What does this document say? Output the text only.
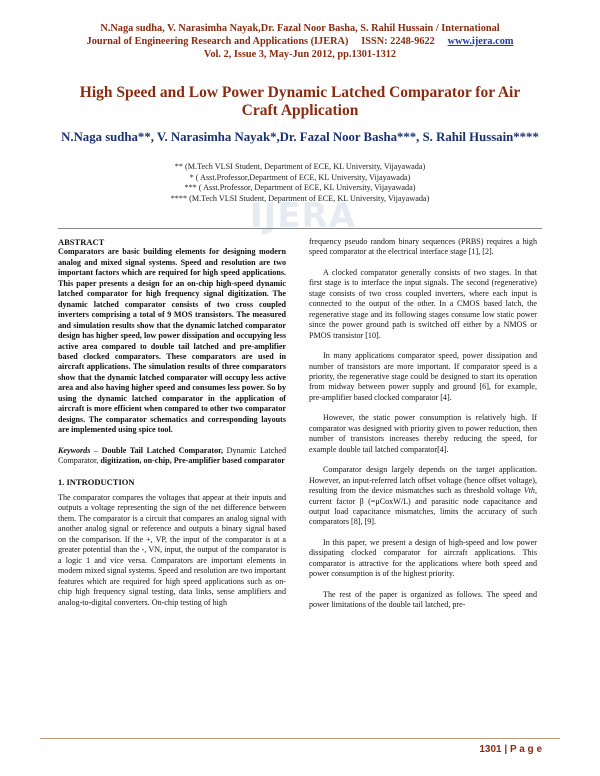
N.Naga sudha, V. Narasimha Nayak,Dr. Fazal Noor Basha, S. Rahil Hussain / International
Journal of Engineering Research and Applications (IJERA) ISSN: 2248-9622 www.ijera.com
Vol. 2, Issue 3, May-Jun 2012, pp.1301-1312
High Speed and Low Power Dynamic Latched Comparator for Air Craft Application
N.Naga sudha**, V. Narasimha Nayak*,Dr. Fazal Noor Basha***, S. Rahil Hussain****
** (M.Tech VLSI Student, Department of ECE, KL University, Vijayawada)
* ( Asst.Professor,Department of ECE, KL University, Vijayawada)
*** ( Asst.Professor, Department of ECE, KL University, Vijayawada)
**** (M.Tech VLSI Student, Department of ECE, KL University, Vijayawada)
IJERA

ABSTRACT

Comparators are basic building elements for designing modern analog and mixed signal systems. Speed and resolution are two important factors which are required for high speed applications. This paper presents a design for an on-chip high-speed dynamic latched comparator for high frequency signal digitization. The dynamic latched comparator consists of two cross coupled inverters comprising a total of 9 MOS transistors. The measured and simulation results show that the dynamic latched comparator design has higher speed, low power dissipation and occupying less active area compared to double tail latched and pre-amplifier based clocked comparators. These comparators are used in aircraft applications. The simulation results of three comparators show that the dynamic latched comparator will occupy less active area and also having higher speed and consumes less power. So by using the dynamic latched comparator in the application of aircraft is more efficient when compared to other two comparator designs. The comparator schematics and corresponding layouts are implemented using spice tool.

Keywords – Double Tail Latched Comparator, Dynamic Latched Comparator, digitization, on-chip, Pre-amplifier based comparator

1. INTRODUCTION

The comparator compares the voltages that appear at their inputs and outputs a voltage representing the sign of the net difference between them. The comparator is a circuit that compares an analog signal with another analog signal or reference and outputs a binary signal based on the comparison. If the +, VP, the input of the comparator is at a greater potential than the -, VN, input, the output of the comparator is a logic 1 and vice versa. Comparators are important elements in modern mixed signal systems. Speed and resolution are two important features which are required for high speed applications such as on-chip high frequency signal testing, data links, sense amplifiers and analog-to-digital converters. On-chip testing of high

frequency pseudo random binary sequences (PRBS) requires a high speed comparator at the electrical interface stage [1], [2].

A clocked comparator generally consists of two stages. In that first stage is to interface the input signals. The second (regenerative) stage consists of two cross coupled inverters, where each input is connected to the output of the other. In a CMOS based latch, the regenerative stage and its following stages consume low static power since the power ground path is switched off either by a NMOS or PMOS transistor [10].

In many applications comparator speed, power dissipation and number of transistors are more important. If comparator speed is a priority, the regenerative stage could be designed to start its operation from midway between power supply and ground [6], for example, pre-amplifier based clocked comparator [4].

However, the static power consumption is relatively high. If comparator was designed with priority given to power reduction, then number of transistors increases thereby reducing the speed, for example double tail latched comparator[4].

Comparator design largely depends on the target application. However, an input-referred latch offset voltage (hence offset voltage), resulting from the device mismatches such as threshold voltage Vth, current factor β (=μCoxW/L) and parasitic node capacitance and output load capacitance mismatches, limits the accuracy of such comparators [8], [9].

In this paper, we present a design of high-speed and low power dissipating clocked comparator for aircraft applications. This comparator is attractive for the applications where both speed and power consumption is of the highest priority.

The rest of the paper is organized as follows. The speed and power limitations of the double tail latched, pre-

1301 | P a g e
